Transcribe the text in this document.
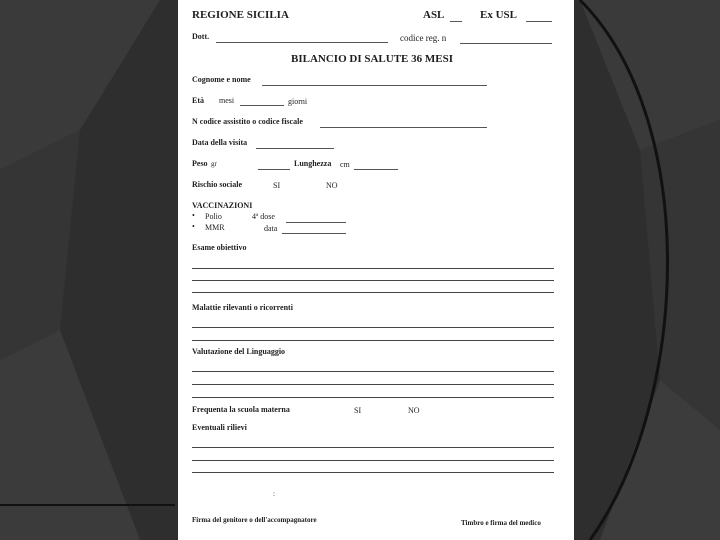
REGIONE SICILIA	ASL	Ex USL
Dott.	codice reg. n
BILANCIO DI SALUTE 36 MESI
Cognome e nome
Età mesi	giorni
N codice assistito o codice fiscale
Data della visita
Peso gr	Lunghezza cm
Rischio sociale	SI	NO
VACCINAZIONI
• Polio	4ª dose
• MMR	data
Esame obiettivo
Malattie rilevanti o ricorrenti
Valutazione del Linguaggio
Frequenta la scuola materna	SI	NO
Eventuali rilievi
:
Firma del genitore o dell'accompagnatore	Timbro e firma del medico
